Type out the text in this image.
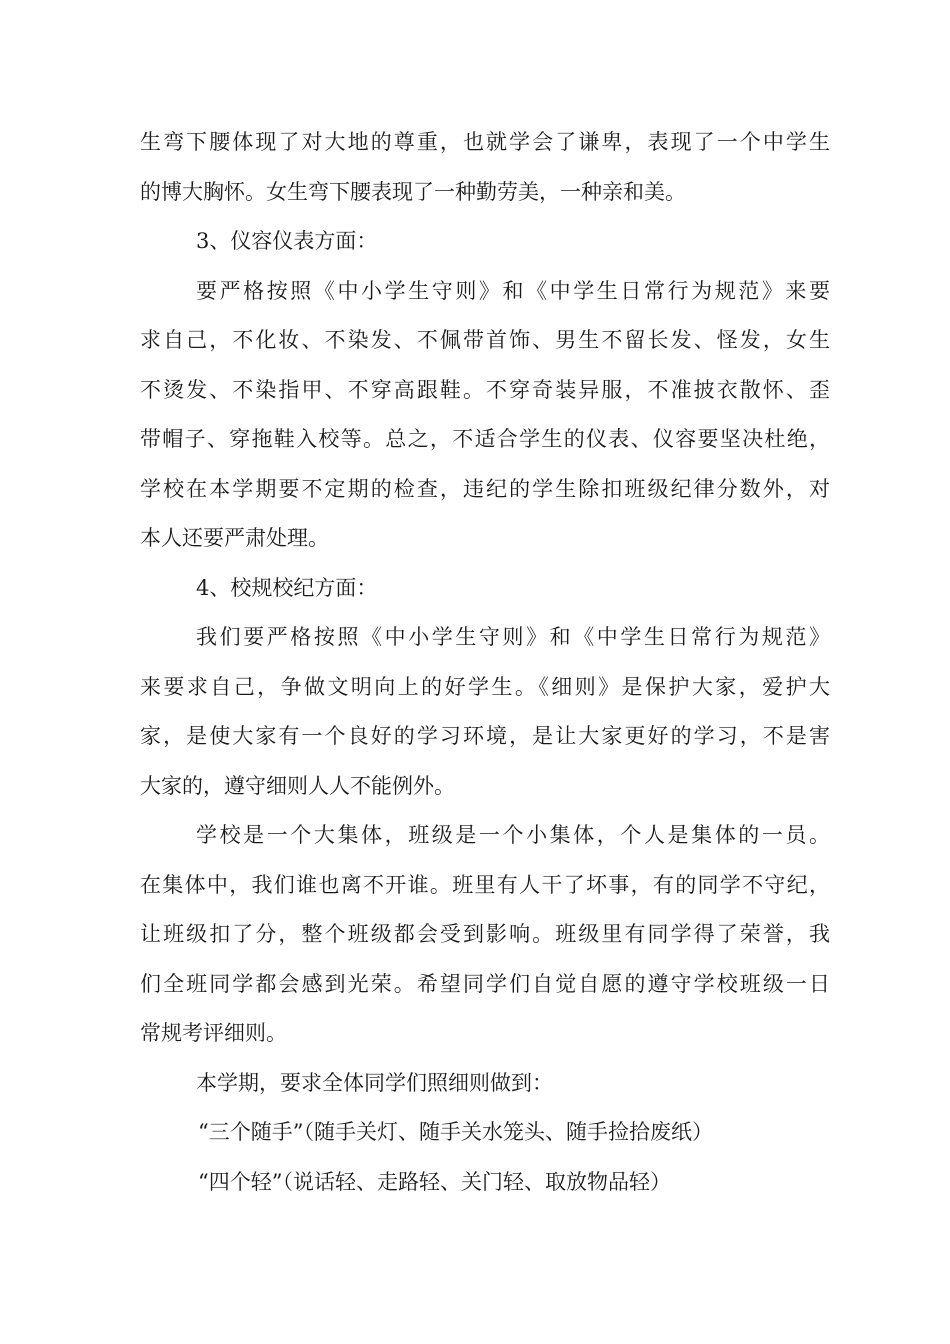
生弯下腰体现了对大地的尊重，也就学会了谦卑，表现了一个中学生
的博大胸怀。女生弯下腰表现了一种勤劳美，一种亲和美。
3、仪容仪表方面：
要严格按照《中小学生守则》和《中学生日常行为规范》来要
求自己，不化妆、不染发、不佩带首饰、男生不留长发、怪发，女生
不烫发、不染指甲、不穿高跟鞋。不穿奇装异服，不准披衣散怀、歪
带帽子、穿拖鞋入校等。总之，不适合学生的仪表、仪容要坚决杜绝，
学校在本学期要不定期的检查，违纪的学生除扣班级纪律分数外，对
本人还要严肃处理。
4、校规校纪方面：
我们要严格按照《中小学生守则》和《中学生日常行为规范》
来要求自己，争做文明向上的好学生。《细则》是保护大家，爱护大
家，是使大家有一个良好的学习环境，是让大家更好的学习，不是害
大家的，遵守细则人人不能例外。
学校是一个大集体，班级是一个小集体，个人是集体的一员。
在集体中，我们谁也离不开谁。班里有人干了坏事，有的同学不守纪，
让班级扣了分，整个班级都会受到影响。班级里有同学得了荣誉，我
们全班同学都会感到光荣。希望同学们自觉自愿的遵守学校班级一日
常规考评细则。
本学期，要求全体同学们照细则做到：
“三个随手”（随手关灯、随手关水笼头、随手捡拾废纸）
“四个轻”（说话轻、走路轻、关门轻、取放物品轻）
